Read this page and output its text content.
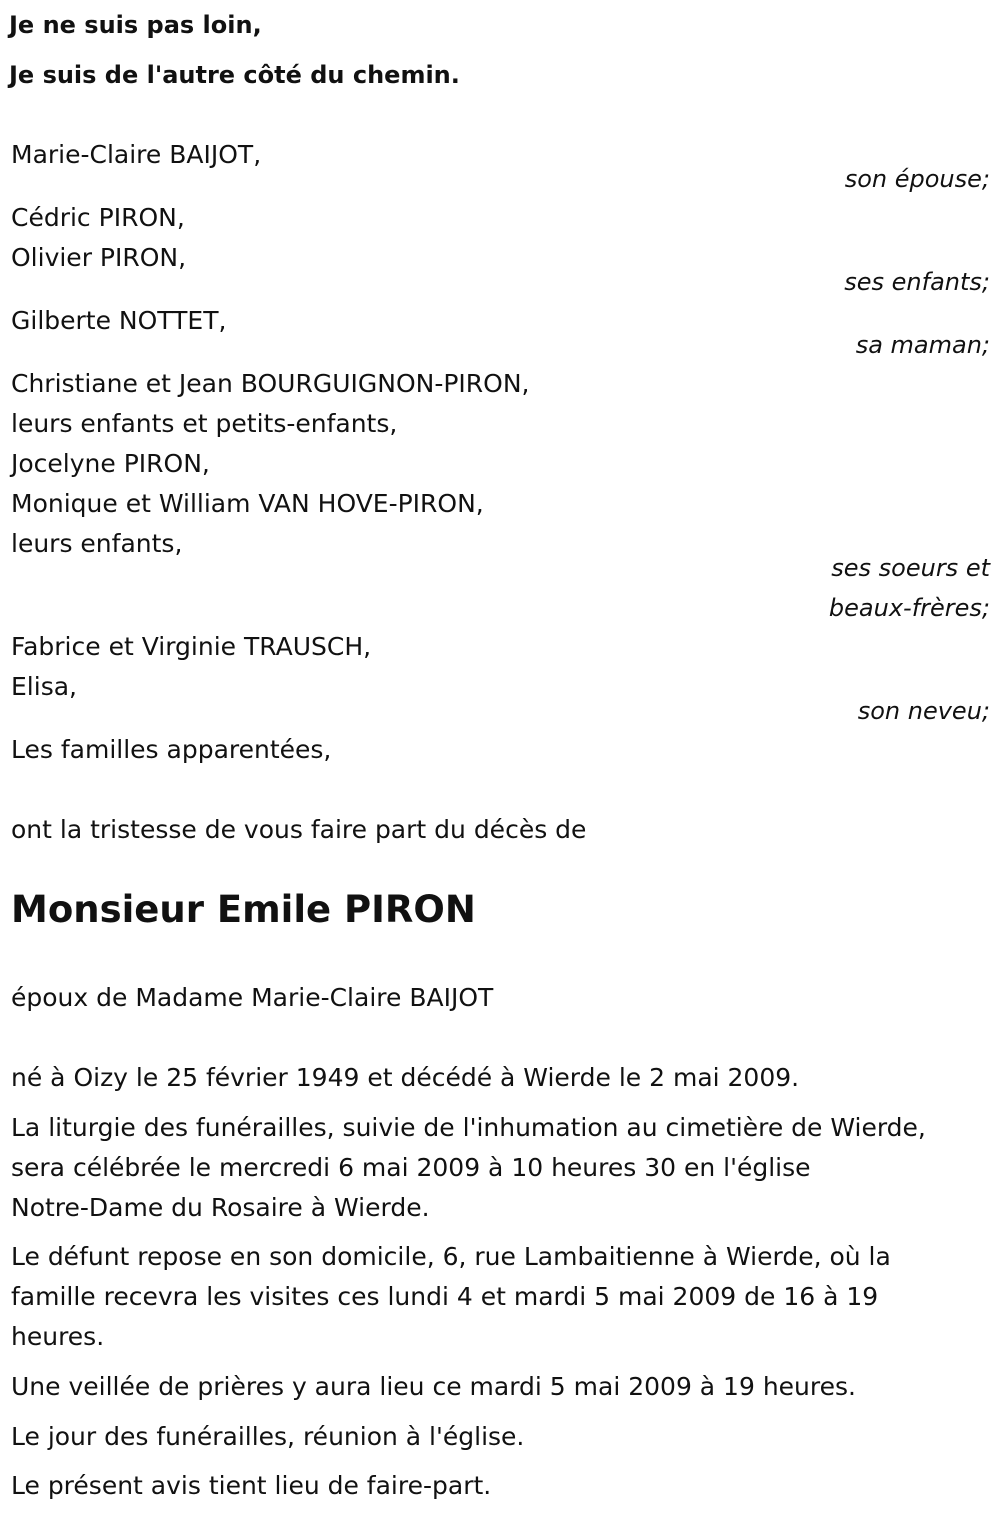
Je ne suis pas loin,

Je suis de l'autre côté du chemin.

Marie-Claire BAIJOT,

son épouse;

Cédric PIRON,

Olivier PIRON,

ses enfants;

Gilberte NOTTET,

sa maman;

Christiane et Jean BOURGUIGNON-PIRON,

leurs enfants et petits-enfants,

Jocelyne PIRON,

Monique et William VAN HOVE-PIRON,

leurs enfants,

ses soeurs et
beaux-frères;

Fabrice et Virginie TRAUSCH,

Elisa,

son neveu;

Les familles apparentées,

ont la tristesse de vous faire part du décès de

Monsieur Emile PIRON

époux de Madame Marie-Claire BAIJOT

né à Oizy le 25 février 1949 et décédé à Wierde le 2 mai 2009.

La liturgie des funérailles, suivie de l'inhumation au cimetière de Wierde,

sera célébrée le mercredi 6 mai 2009 à 10 heures 30 en l'église

Notre-Dame du Rosaire à Wierde.

Le défunt repose en son domicile, 6, rue Lambaitienne à Wierde, où la

famille recevra les visites ces lundi 4 et mardi 5 mai 2009 de 16 à 19

heures.

Une veillée de prières y aura lieu ce mardi 5 mai 2009 à 19 heures.

Le jour des funérailles, réunion à l'église.

Le présent avis tient lieu de faire-part.
